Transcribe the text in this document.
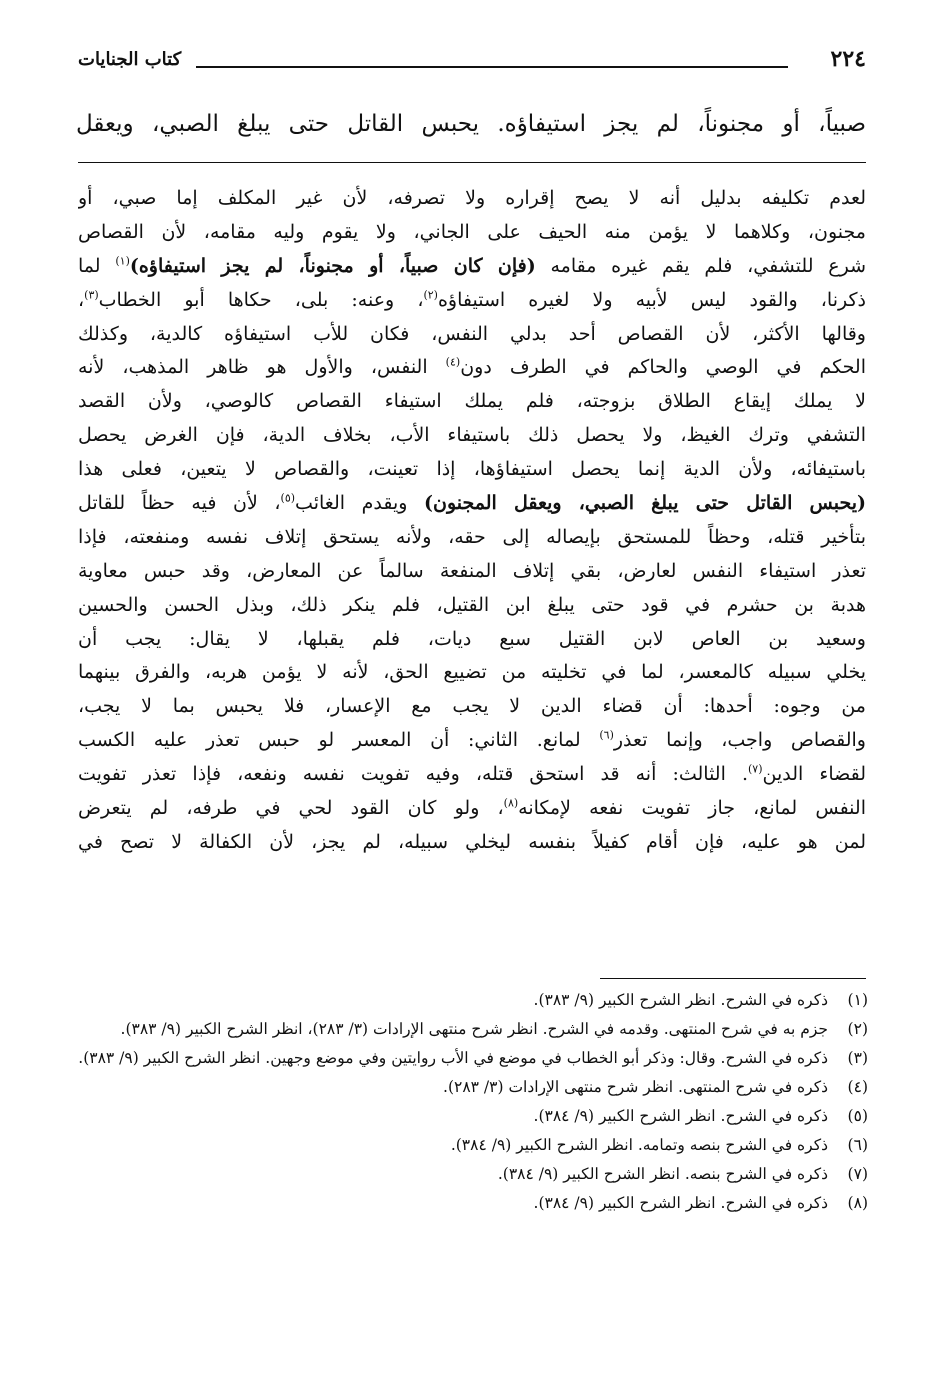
٢٢٤
كتاب الجنايات
صبياً، أو مجنوناً، لم يجز استيفاؤه. يحبس القاتل حتى يبلغ الصبي، ويعقل
لعدم تكليفه بدليل أنه لا يصح إقراره ولا تصرفه، لأن غير المكلف إما صبي، أو
مجنون، وكلاهما لا يؤمن منه الحيف على الجاني، ولا يقوم وليه مقامه، لأن القصاص
شرع للتشفي، فلم يقم غيره مقامه (فإن كان صبياً، أو مجنوناً، لم يجز استيفاؤه)$^{(١)}$ لما
ذكرنا، والقود ليس لأبيه ولا لغيره استيفاؤه$^{(٢)}$، وعنه: بلى، حكاها أبو الخطاب$^{(٣)}$،
وقالها الأكثر، لأن القصاص أحد بدلي النفس، فكان للأب استيفاؤه كالدية، وكذلك
الحكم في الوصي والحاكم في الطرف دون$^{(٤)}$ النفس، والأول هو ظاهر المذهب، لأنه
لا يملك إيقاع الطلاق بزوجته، فلم يملك استيفاء القصاص كالوصي، ولأن القصد
التشفي وترك الغيظ، ولا يحصل ذلك باستيفاء الأب، بخلاف الدية، فإن الغرض يحصل
باستيفائه، ولأن الدية إنما يحصل استيفاؤها، إذا تعينت، والقصاص لا يتعين، فعلى هذا
(يحبس القاتل حتى يبلغ الصبي، ويعقل المجنون) ويقدم الغائب$^{(٥)}$، لأن فيه حظاً للقاتل
بتأخير قتله، وحظاً للمستحق بإيصاله إلى حقه، ولأنه يستحق إتلاف نفسه ومنفعته، فإذا
تعذر استيفاء النفس لعارض، بقي إتلاف المنفعة سالماً عن المعارض، وقد حبس معاوية
هدبة بن حشرم في قود حتى يبلغ ابن القتيل، فلم ينكر ذلك، وبذل الحسن والحسين
وسعيد بن العاص لابن القتيل سبع ديات، فلم يقبلها، لا يقال: يجب أن
يخلي سبيله كالمعسر، لما في تخليته من تضييع الحق، لأنه لا يؤمن هربه، والفرق بينهما
من وجوه: أحدها: أن قضاء الدين لا يجب مع الإعسار، فلا يحبس بما لا يجب،
والقصاص واجب، وإنما تعذر$^{(٦)}$ لمانع. الثاني: أن المعسر لو حبس تعذر عليه الكسب
لقضاء الدين$^{(٧)}$. الثالث: أنه قد استحق قتله، وفيه تفويت نفسه ونفعه، فإذا تعذر تفويت
النفس لمانع، جاز تفويت نفعه لإمكانه$^{(٨)}$، ولو كان القود لحي في طرفه، لم يتعرض
لمن هو عليه، فإن أقام كفيلاً بنفسه ليخلي سبيله، لم يجز، لأن الكفالة لا تصح في
(١)
ذكره في الشرح. انظر الشرح الكبير (٩/ ٣٨٣).
(٢)
جزم به في شرح المنتهى. وقدمه في الشرح. انظر شرح منتهى الإرادات (٣/ ٢٨٣)، انظر الشرح الكبير (٩/ ٣٨٣).
(٣)
ذكره في الشرح. وقال: وذكر أبو الخطاب في موضع في الأب روايتين وفي موضع وجهين. انظر الشرح الكبير (٩/ ٣٨٣).
(٤)
ذكره في شرح المنتهى. انظر شرح منتهى الإرادات (٣/ ٢٨٣).
(٥)
ذكره في الشرح. انظر الشرح الكبير (٩/ ٣٨٤).
(٦)
ذكره في الشرح بنصه وتمامه. انظر الشرح الكبير (٩/ ٣٨٤).
(٧)
ذكره في الشرح بنصه. انظر الشرح الكبير (٩/ ٣٨٤).
(٨)
ذكره في الشرح. انظر الشرح الكبير (٩/ ٣٨٤).
